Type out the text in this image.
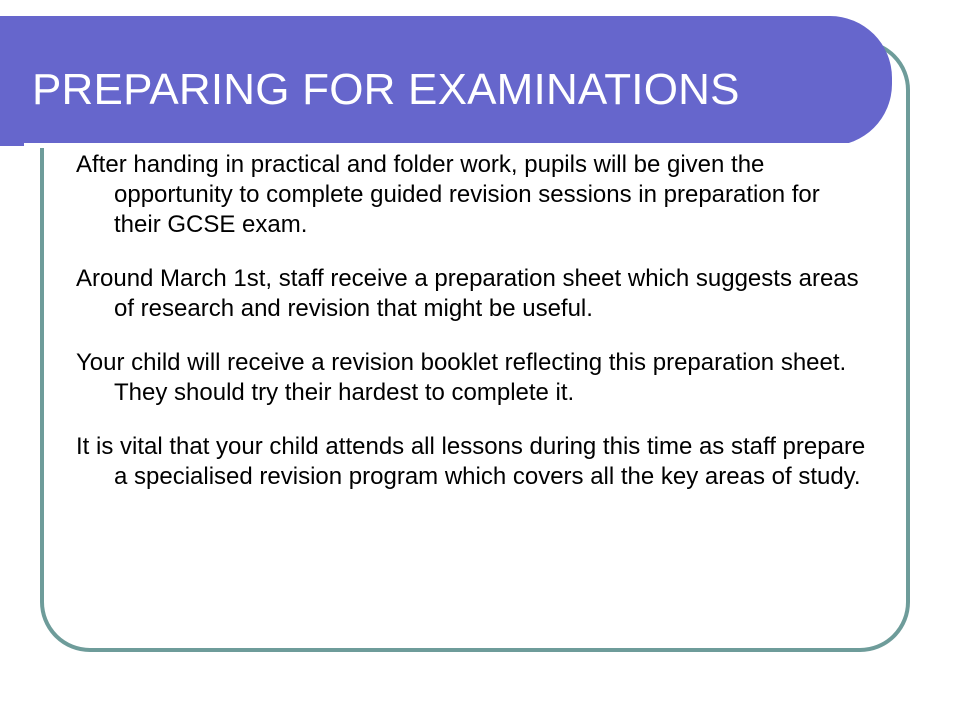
PREPARING FOR EXAMINATIONS

After handing in practical and folder work, pupils will be given the opportunity to complete guided revision sessions in preparation for their GCSE exam.

Around March 1st, staff receive a preparation sheet which suggests areas of research and revision that might be useful.

Your child will receive a revision booklet reflecting this preparation sheet. They should try their hardest to complete it.

It is vital that your child attends all lessons during this time as staff prepare a specialised revision program which covers all the key areas of study.
